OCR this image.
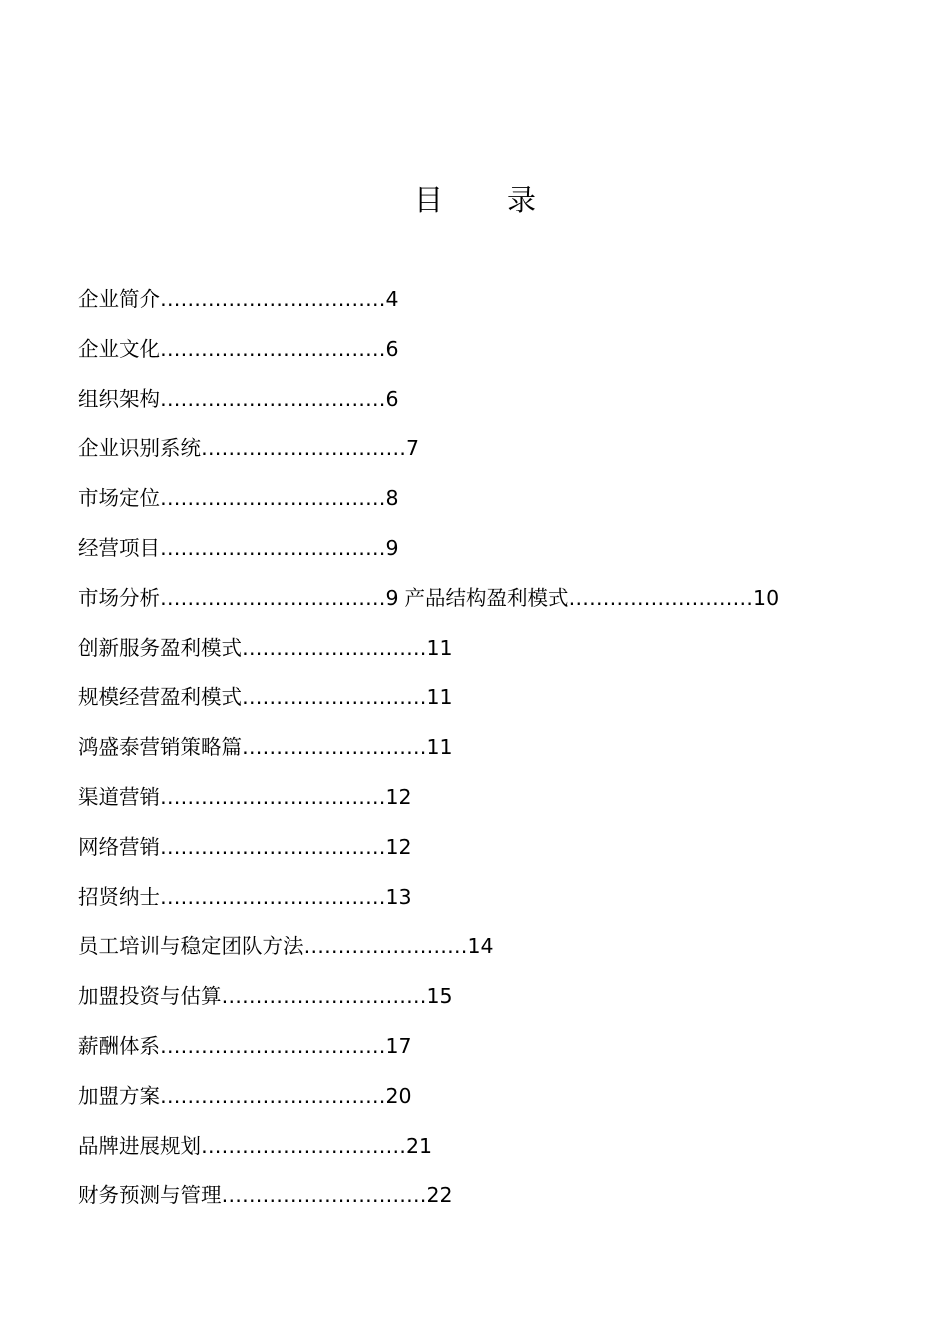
目 录
企业简介……………………………4
企业文化……………………………6
组织架构……………………………6
企业识别系统…………………………7
市场定位……………………………8
经营项目……………………………9
市场分析……………………………9 产品结构盈利模式………………………10
创新服务盈利模式………………………11
规模经营盈利模式………………………11
鸿盛泰营销策略篇………………………11
渠道营销……………………………12
网络营销……………………………12
招贤纳士……………………………13
员工培训与稳定团队方法……………………14
加盟投资与估算…………………………15
薪酬体系……………………………17
加盟方案……………………………20
品牌进展规划…………………………21
财务预测与管理…………………………22
